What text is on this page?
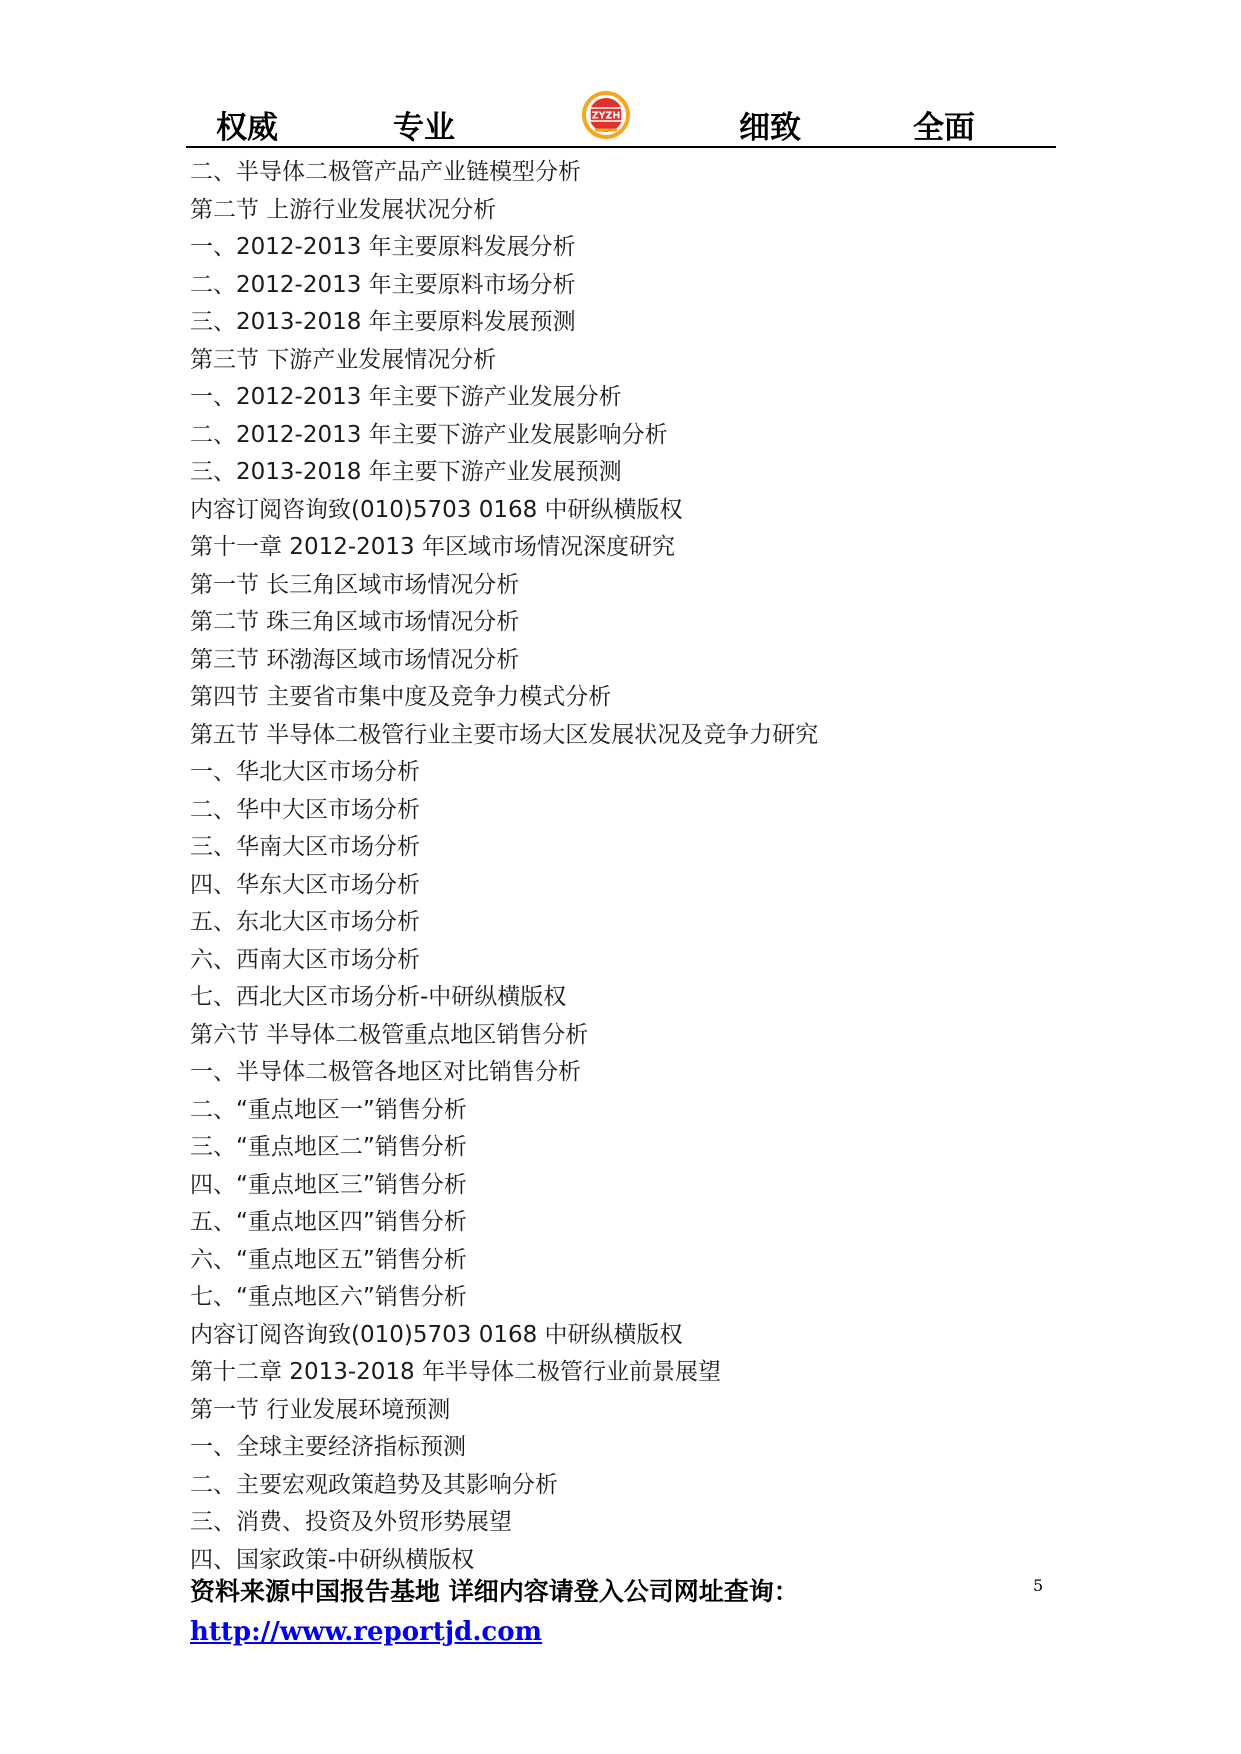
权威	专业	ZYZH	细致	全面
二、半导体二极管产品产业链模型分析
第二节 上游行业发展状况分析
一、2012-2013 年主要原料发展分析
二、2012-2013 年主要原料市场分析
三、2013-2018 年主要原料发展预测
第三节 下游产业发展情况分析
一、2012-2013 年主要下游产业发展分析
二、2012-2013 年主要下游产业发展影响分析
三、2013-2018 年主要下游产业发展预测
内容订阅咨询致(010)5703 0168 中研纵横版权
第十一章 2012-2013 年区域市场情况深度研究
第一节 长三角区域市场情况分析
第二节 珠三角区域市场情况分析
第三节 环渤海区域市场情况分析
第四节 主要省市集中度及竞争力模式分析
第五节 半导体二极管行业主要市场大区发展状况及竞争力研究
一、华北大区市场分析
二、华中大区市场分析
三、华南大区市场分析
四、华东大区市场分析
五、东北大区市场分析
六、西南大区市场分析
七、西北大区市场分析-中研纵横版权
第六节 半导体二极管重点地区销售分析
一、半导体二极管各地区对比销售分析
二、“重点地区一”销售分析
三、“重点地区二”销售分析
四、“重点地区三”销售分析
五、“重点地区四”销售分析
六、“重点地区五”销售分析
七、“重点地区六”销售分析
内容订阅咨询致(010)5703 0168 中研纵横版权
第十二章 2013-2018 年半导体二极管行业前景展望
第一节 行业发展环境预测
一、全球主要经济指标预测
二、主要宏观政策趋势及其影响分析
三、消费、投资及外贸形势展望
四、国家政策-中研纵横版权
资料来源中国报告基地 详细内容请登入公司网址查询：
http://www.reportjd.com
5
